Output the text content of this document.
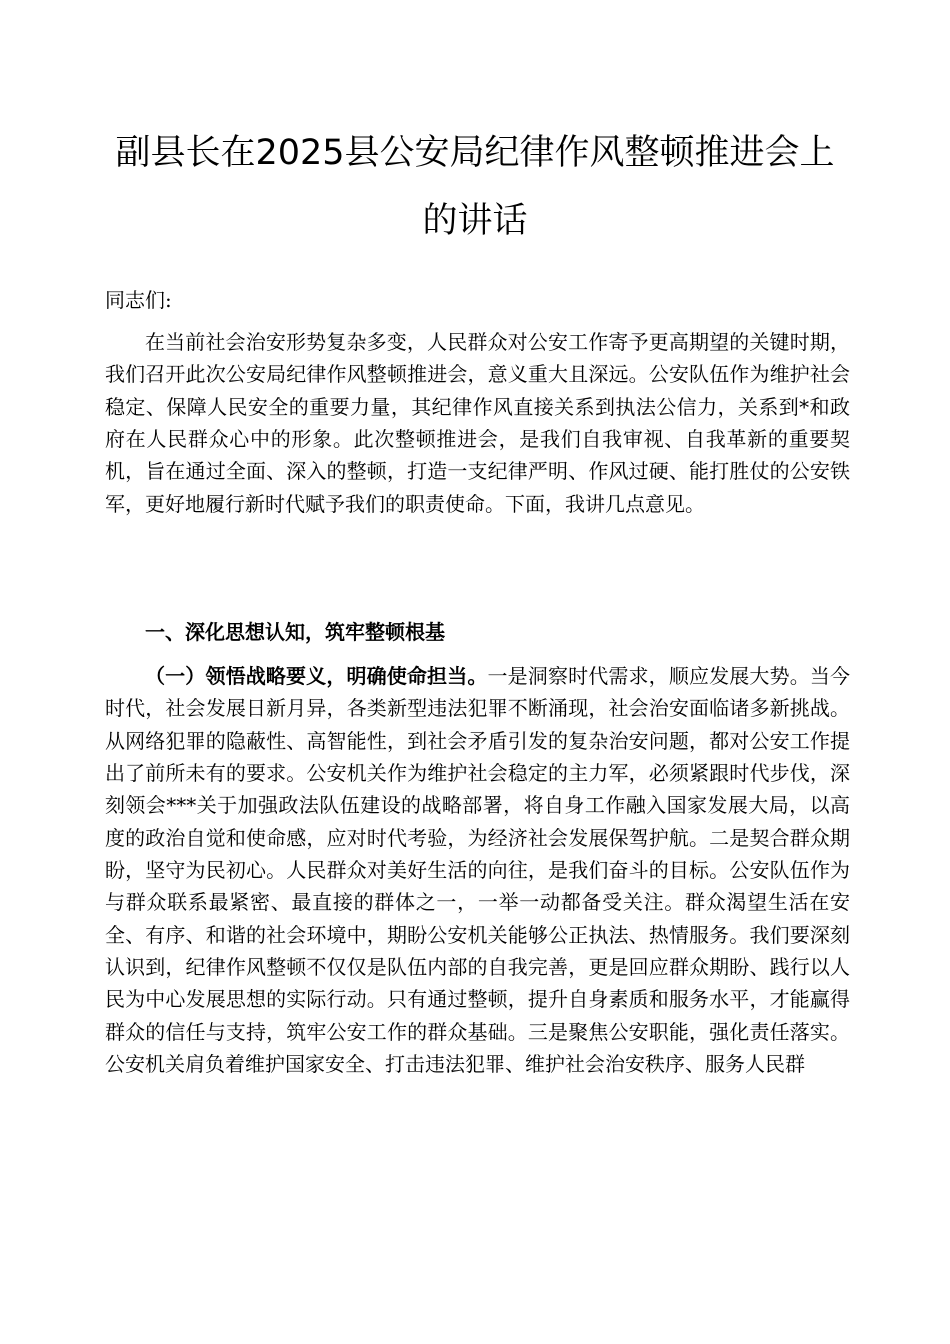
副县长在2025县公安局纪律作风整顿推进会上
的讲话

同志们:

在当前社会治安形势复杂多变，人民群众对公安工作寄予更高期望的关键时期，我们召开此次公安局纪律作风整顿推进会，意义重大且深远。公安队伍作为维护社会稳定、保障人民安全的重要力量，其纪律作风直接关系到执法公信力，关系到*和政府在人民群众心中的形象。此次整顿推进会，是我们自我审视、自我革新的重要契机，旨在通过全面、深入的整顿，打造一支纪律严明、作风过硬、能打胜仗的公安铁军，更好地履行新时代赋予我们的职责使命。下面，我讲几点意见。

一、深化思想认知，筑牢整顿根基

（一）领悟战略要义，明确使命担当。一是洞察时代需求，顺应发展大势。当今时代，社会发展日新月异，各类新型违法犯罪不断涌现，社会治安面临诸多新挑战。从网络犯罪的隐蔽性、高智能性，到社会矛盾引发的复杂治安问题，都对公安工作提出了前所未有的要求。公安机关作为维护社会稳定的主力军，必须紧跟时代步伐，深刻领会***关于加强政法队伍建设的战略部署，将自身工作融入国家发展大局，以高度的政治自觉和使命感，应对时代考验，为经济社会发展保驾护航。二是契合群众期盼，坚守为民初心。人民群众对美好生活的向往，是我们奋斗的目标。公安队伍作为与群众联系最紧密、最直接的群体之一，一举一动都备受关注。群众渴望生活在安全、有序、和谐的社会环境中，期盼公安机关能够公正执法、热情服务。我们要深刻认识到，纪律作风整顿不仅仅是队伍内部的自我完善，更是回应群众期盼、践行以人民为中心发展思想的实际行动。只有通过整顿，提升自身素质和服务水平，才能赢得群众的信任与支持，筑牢公安工作的群众基础。三是聚焦公安职能，强化责任落实。公安机关肩负着维护国家安全、打击违法犯罪、维护社会治安秩序、服务人民群
